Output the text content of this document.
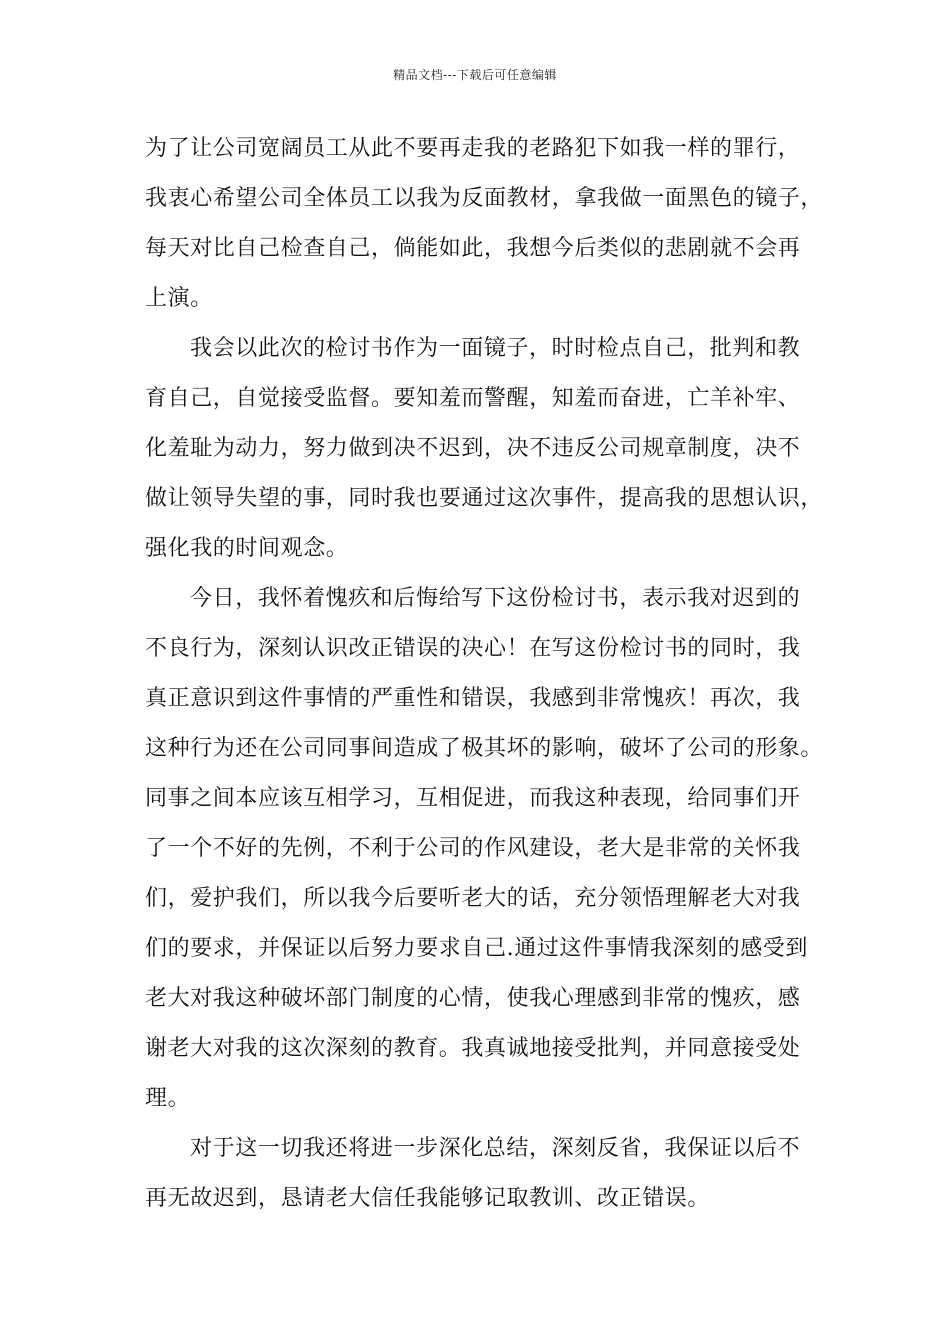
精品文档---下载后可任意编辑
为了让公司宽阔员工从此不要再走我的老路犯下如我一样的罪行，
我衷心希望公司全体员工以我为反面教材，拿我做一面黑色的镜子，
每天对比自己检查自己，倘能如此，我想今后类似的悲剧就不会再
上演。
我会以此次的检讨书作为一面镜子，时时检点自己，批判和教
育自己，自觉接受监督。要知羞而警醒，知羞而奋进，亡羊补牢、
化羞耻为动力，努力做到决不迟到，决不违反公司规章制度，决不
做让领导失望的事，同时我也要通过这次事件，提高我的思想认识，
强化我的时间观念。
今日，我怀着愧疚和后悔给写下这份检讨书，表示我对迟到的
不良行为，深刻认识改正错误的决心！在写这份检讨书的同时，我
真正意识到这件事情的严重性和错误，我感到非常愧疚！再次，我
这种行为还在公司同事间造成了极其坏的影响，破坏了公司的形象。
同事之间本应该互相学习，互相促进，而我这种表现，给同事们开
了一个不好的先例，不利于公司的作风建设，老大是非常的关怀我
们，爱护我们，所以我今后要听老大的话，充分领悟理解老大对我
们的要求，并保证以后努力要求自己.通过这件事情我深刻的感受到
老大对我这种破坏部门制度的心情，使我心理感到非常的愧疚，感
谢老大对我的这次深刻的教育。我真诚地接受批判，并同意接受处
理。
对于这一切我还将进一步深化总结，深刻反省，我保证以后不
再无故迟到，恳请老大信任我能够记取教训、改正错误。
